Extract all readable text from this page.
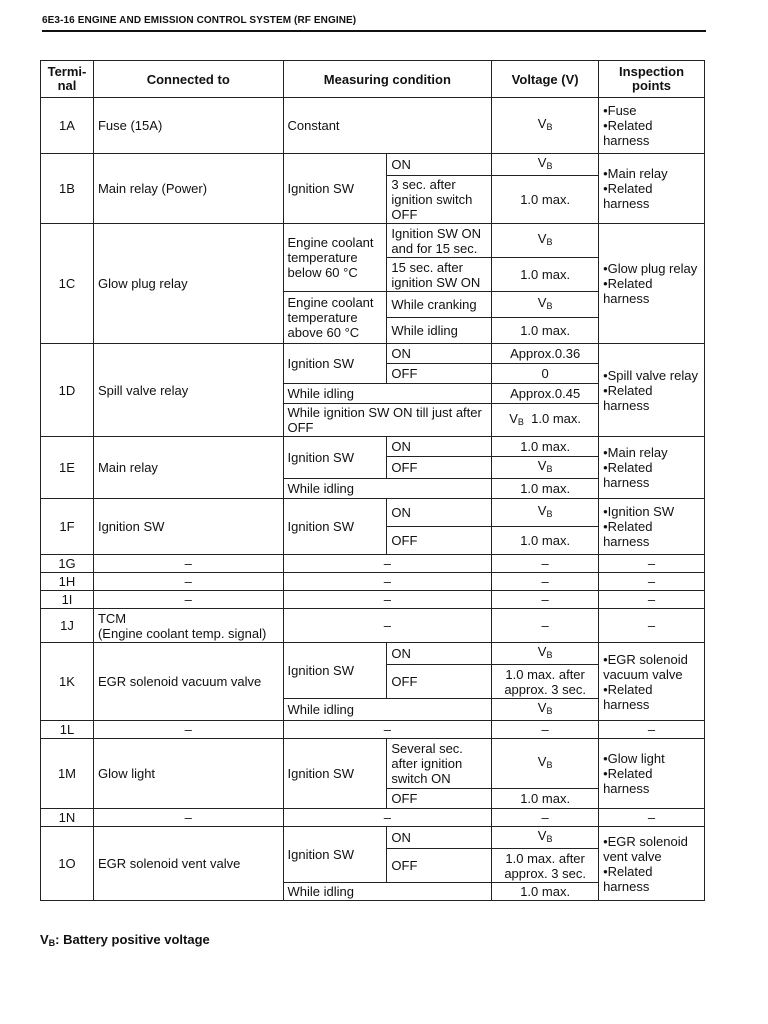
6E3-16 ENGINE AND EMISSION CONTROL SYSTEM (RF ENGINE)
Termi-
nal	Connected to	Measuring condition		Voltage (V)	Inspection
points
1A	Fuse (15A)	Constant		$V_B$	• Fuse
• Related harness

1B	Main relay (Power)	Ignition SW	ON	$V_B$	• Main relay
• Related harness

			3 sec. after ignition switch OFF	1.0 max.	
1C	Glow plug relay	Engine coolant temperature below 60 °C	Ignition SW ON and for 15 sec.	$V_B$	• Glow plug relay
• Related harness

			15 sec. after ignition SW ON	1.0 max.	
		Engine coolant temperature above 60 °C	While cranking	$V_B$
			While idling	1.0 max.	
1D	Spill valve relay	Ignition SW	ON	Approx.0.36	• Spill valve relay
• Related harness

			OFF	0	
		While idling		Approx.0.45	
		While ignition SW ON till just after OFF		$V_B$ 1.0 max.	
1E	Main relay	Ignition SW	ON	1.0 max.	• Main relay
• Related harness

			OFF	$V_B$
		While idling		1.0 max.	
1F	Ignition SW	Ignition SW	ON	$V_B$	• Ignition SW
• Related harness

			OFF	1.0 max.	
1G	–	–		–	–
1H	–	–		–	–
1I	–	–		–	–
1J	TCM
(Engine coolant temp. signal)	–		–	–
1K	EGR solenoid vacuum valve	Ignition SW	ON	$V_B$	• EGR solenoid vacuum valve
• Related harness

			OFF	1.0 max. after approx. 3 sec.	
		While idling		$V_B$
1L	–	–		–	–
1M	Glow light	Ignition SW	Several sec. after ignition switch ON	$V_B$	• Glow light
• Related harness

			OFF	1.0 max.	
1N	–	–		–	–
1O	EGR solenoid vent valve	Ignition SW	ON	$V_B$	• EGR solenoid vent valve
• Related harness

			OFF	1.0 max. after approx. 3 sec.	
		While idling		1.0 max.	
$V_B$: Battery positive voltage
